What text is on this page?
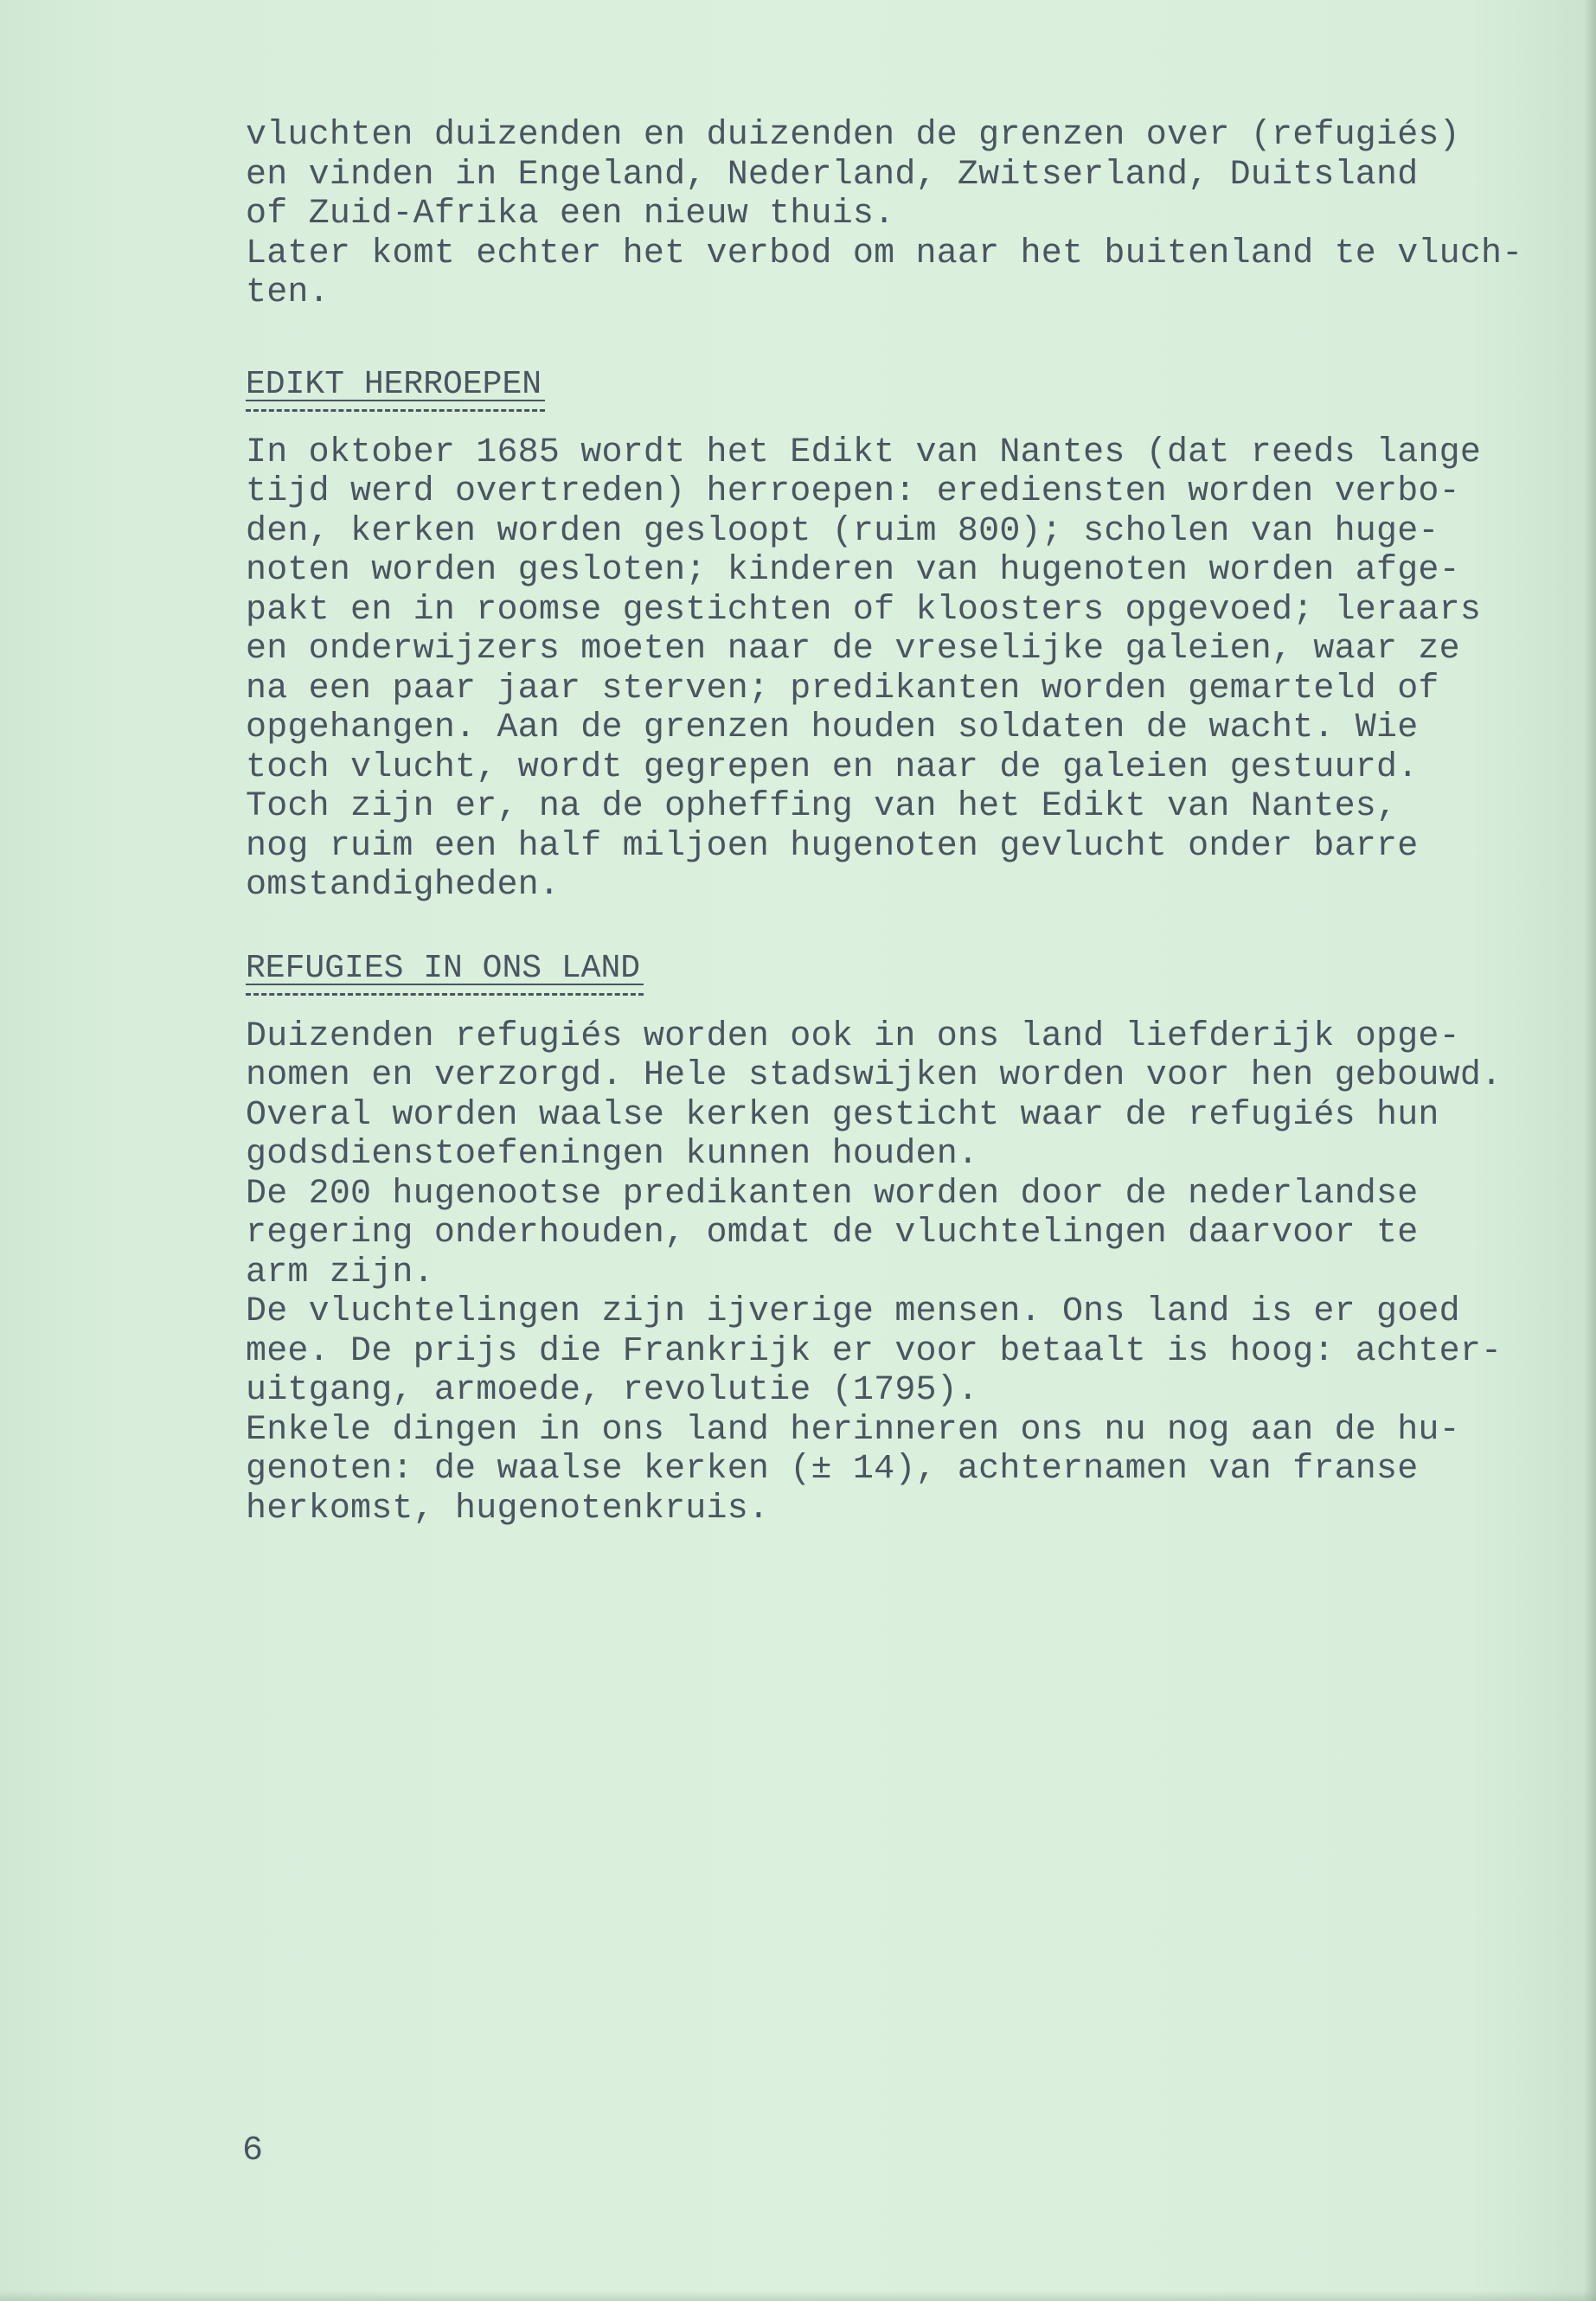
vluchten duizenden en duizenden de grenzen over (refugiés)
en vinden in Engeland, Nederland, Zwitserland, Duitsland
of Zuid-Afrika een nieuw thuis.
Later komt echter het verbod om naar het buitenland te vluch-
ten.
EDIKT HERROEPEN
In oktober 1685 wordt het Edikt van Nantes (dat reeds lange
tijd werd overtreden) herroepen: erediensten worden verbo-
den, kerken worden gesloopt (ruim 800); scholen van huge-
noten worden gesloten; kinderen van hugenoten worden afge-
pakt en in roomse gestichten of kloosters opgevoed; leraars
en onderwijzers moeten naar de vreselijke galeien, waar ze
na een paar jaar sterven; predikanten worden gemarteld of
opgehangen. Aan de grenzen houden soldaten de wacht. Wie
toch vlucht, wordt gegrepen en naar de galeien gestuurd.
Toch zijn er, na de opheffing van het Edikt van Nantes,
nog ruim een half miljoen hugenoten gevlucht onder barre
omstandigheden.
REFUGIES IN ONS LAND
Duizenden refugiés worden ook in ons land liefderijk opge-
nomen en verzorgd. Hele stadswijken worden voor hen gebouwd.
Overal worden waalse kerken gesticht waar de refugiés hun
godsdienstoefeningen kunnen houden.
De 200 hugenootse predikanten worden door de nederlandse
regering onderhouden, omdat de vluchtelingen daarvoor te
arm zijn.
De vluchtelingen zijn ijverige mensen. Ons land is er goed
mee. De prijs die Frankrijk er voor betaalt is hoog: achter-
uitgang, armoede, revolutie (1795).
Enkele dingen in ons land herinneren ons nu nog aan de hu-
genoten: de waalse kerken (± 14), achternamen van franse
herkomst, hugenotenkruis.
6
